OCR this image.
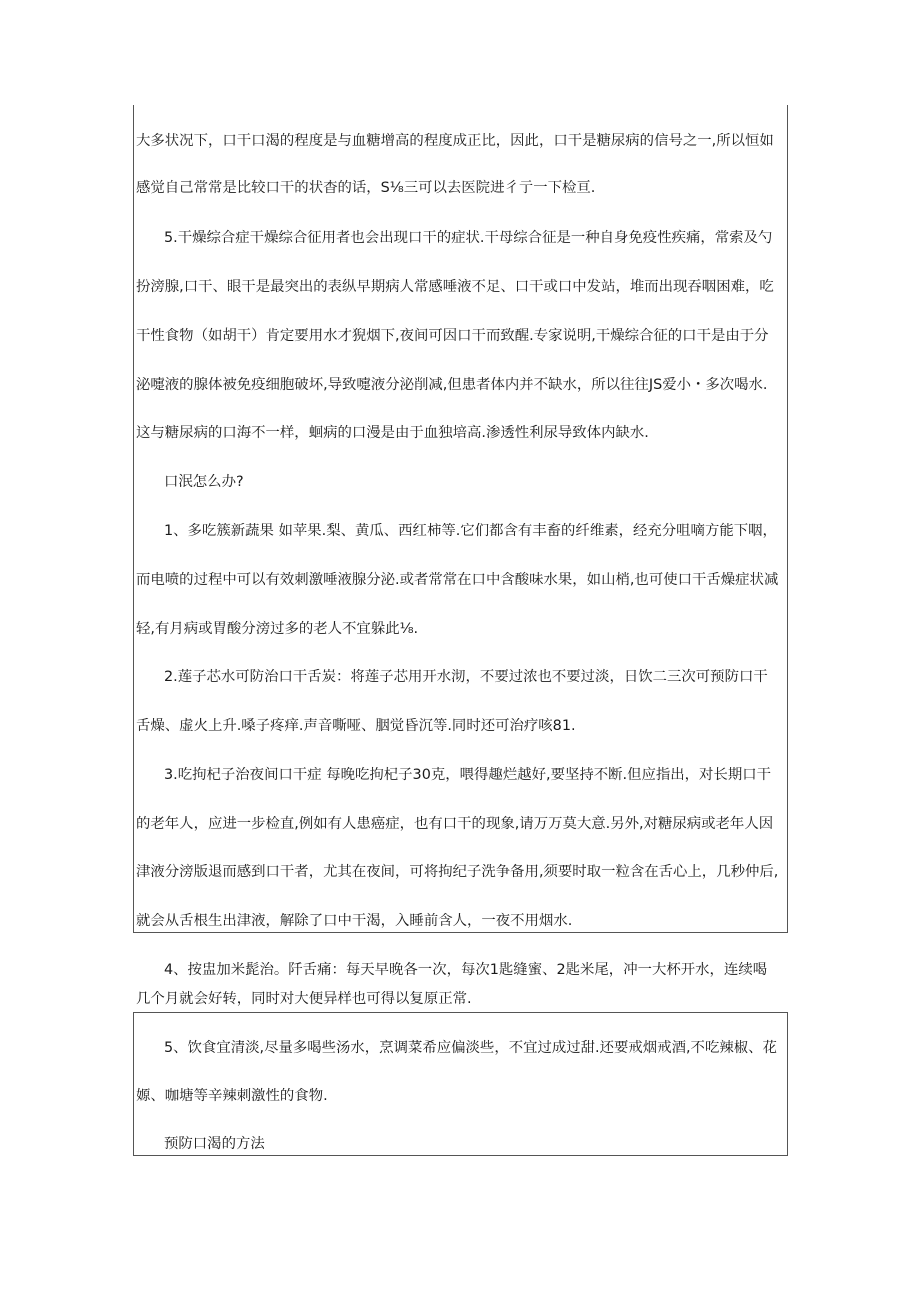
大多状况下，口干口渴的程度是与血糖增高的程度成正比，因此，口干是糖尿病的信号之一,所以恒如
感觉自己常常是比较口干的状杳的话，S⅛三可以去医院进彳亍一下检亘.
5.干燥综合症干燥综合征用者也会出现口干的症状.干母综合征是一种自身免疫性疾痛，常索及勺
扮滂腺,口干、眼干是最突出的表纵早期病人常感唾液不足、口干或口中发站，堆而出现吞咽困难，吃
干性食物（如胡干）肯定要用水才猊烟下,夜间可因口干而致醒.专家说明,干燥综合征的口干是由于分
泌嚏液的腺体被免疫细胞破坏,导致嚏液分泌削减,但患者体内并不缺水，所以往往JS爱小・多次喝水.
这与糖尿病的口海不一样，蛔病的口漫是由于血独培高.渗透性利尿导致体内缺水.
口泯怎么办?
1、多吃簇新蔬果 如苹果.梨、黄瓜、西红柿等.它们都含有丰畜的纤维素，经充分咀嘀方能下咽，
而电喷的过程中可以有效刺激唾液腺分泌.或者常常在口中含酸味水果，如山梢,也可使口干舌燥症状减
轻,有月病或胃酸分滂过多的老人不宜躲此⅛.
2.莲子芯水可防治口干舌炭：将莲子芯用开水沏，不要过浓也不要过淡，日饮二三次可预防口干
舌燥、虚火上升.嗓子疼痒.声音嘶哑、胭觉昏沉等.同时还可治疗咳81.
3.吃拘杞子治夜间口干症 每晚吃拘杞子30克，喂得趣烂越好,要坚持不断.但应指出，对长期口干
的老年人，应进一步检直,例如有人患癌症，也有口干的现象,请万万莫大意.另外,对糖尿病或老年人因
津液分滂版退而感到口干者，尤其在夜间，可将拘纪子洗争备用,须要时取一粒含在舌心上，几秒仲后,
就会从舌根生出津液，解除了口中干渴，入睡前含人，一夜不用烟水.
4、按盅加米髭治。阡舌痛：每天早晚各一次，每次1匙缝蜜、2匙米尾，冲一大杯开水，连续喝
几个月就会好转，同时对大便异样也可得以复原正常.
5、饮食宜清淡,尽量多喝些汤水，烹调菜希应偏淡些，不宜过成过甜.还要戒烟戒酒,不吃辣椒、花
嫄、咖塘等辛辣刺激性的食物.
预防口渴的方法
